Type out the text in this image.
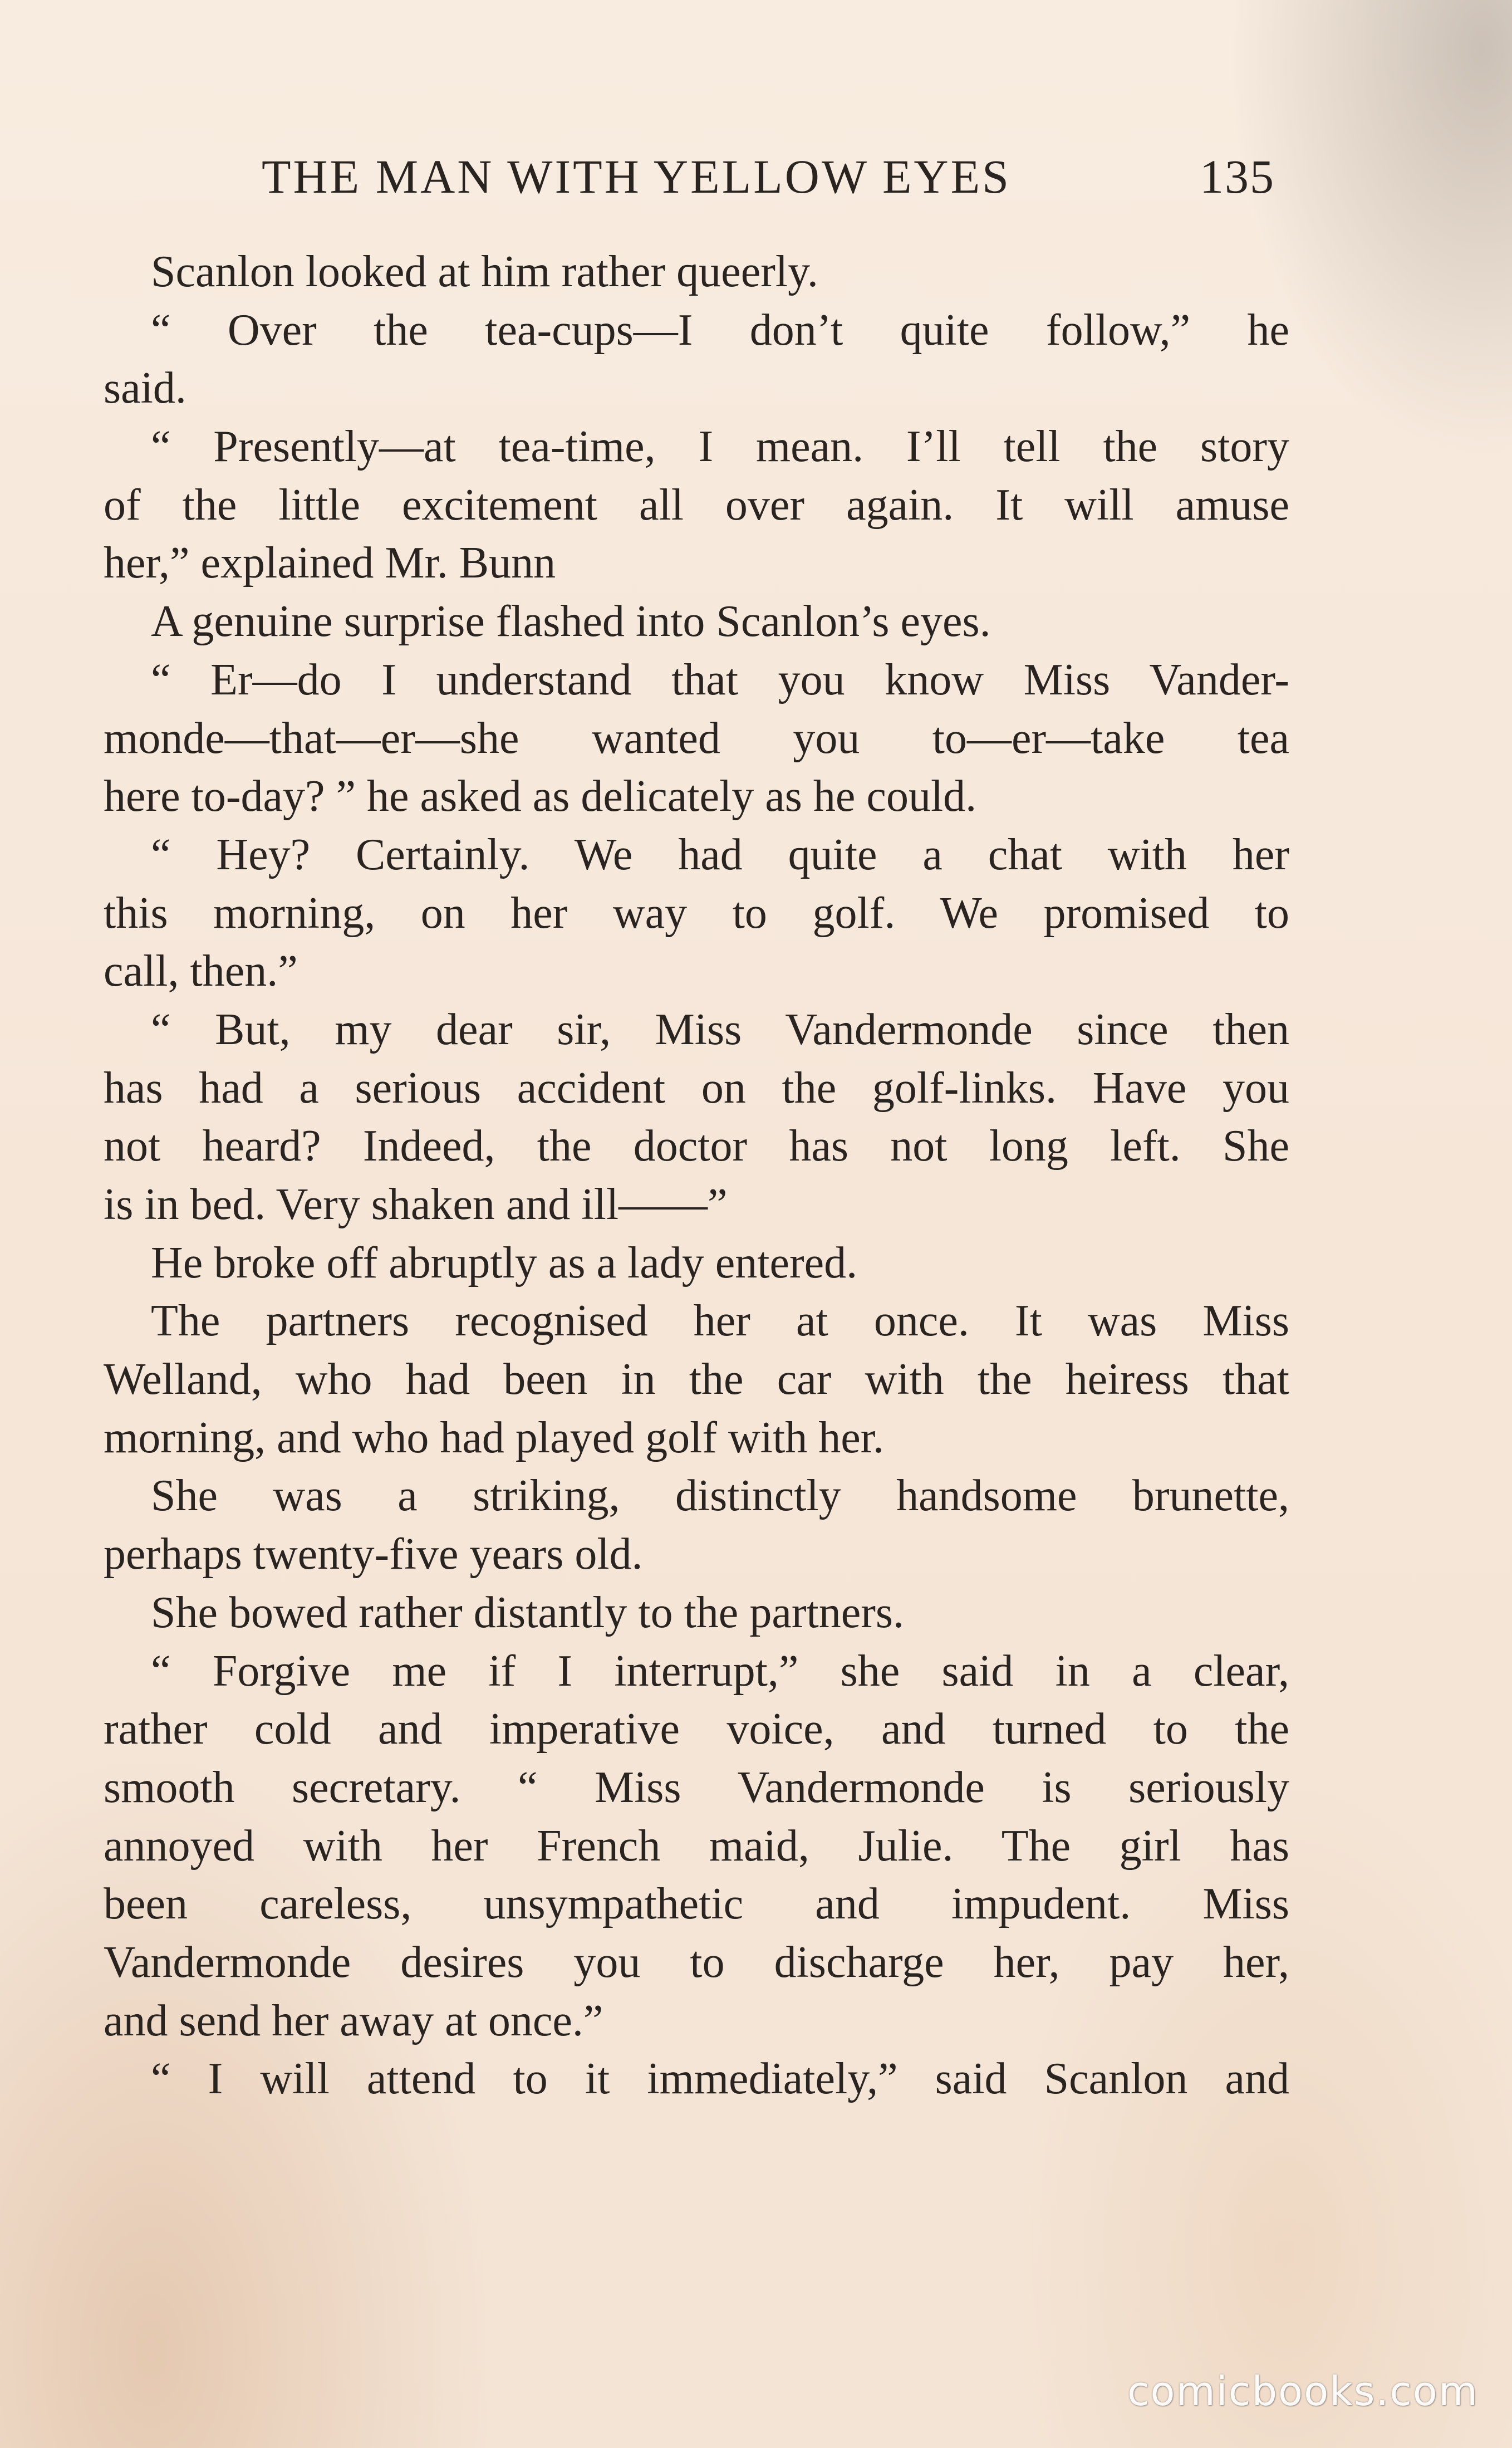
THE MAN WITH YELLOW EYES	135
Scanlon looked at him rather queerly.
“ Over the tea-cups—I don’t quite follow,” he
said.
“ Presently—at tea-time, I mean. I’ll tell the story
of the little excitement all over again. It will amuse
her,” explained Mr. Bunn
A genuine surprise flashed into Scanlon’s eyes.
“ Er—do I understand that you know Miss Vander-
monde—that—er—she wanted you to—er—take tea
here to-day? ” he asked as delicately as he could.
“ Hey? Certainly. We had quite a chat with her
this morning, on her way to golf. We promised to
call, then.”
“ But, my dear sir, Miss Vandermonde since then
has had a serious accident on the golf-links. Have you
not heard? Indeed, the doctor has not long left. She
is in bed. Very shaken and ill——”
He broke off abruptly as a lady entered.
The partners recognised her at once. It was Miss
Welland, who had been in the car with the heiress that
morning, and who had played golf with her.
She was a striking, distinctly handsome brunette,
perhaps twenty-five years old.
She bowed rather distantly to the partners.
“ Forgive me if I interrupt,” she said in a clear,
rather cold and imperative voice, and turned to the
smooth secretary. “ Miss Vandermonde is seriously
annoyed with her French maid, Julie. The girl has
been careless, unsympathetic and impudent. Miss
Vandermonde desires you to discharge her, pay her,
and send her away at once.”
“ I will attend to it immediately,” said Scanlon and
comicbooks.com
